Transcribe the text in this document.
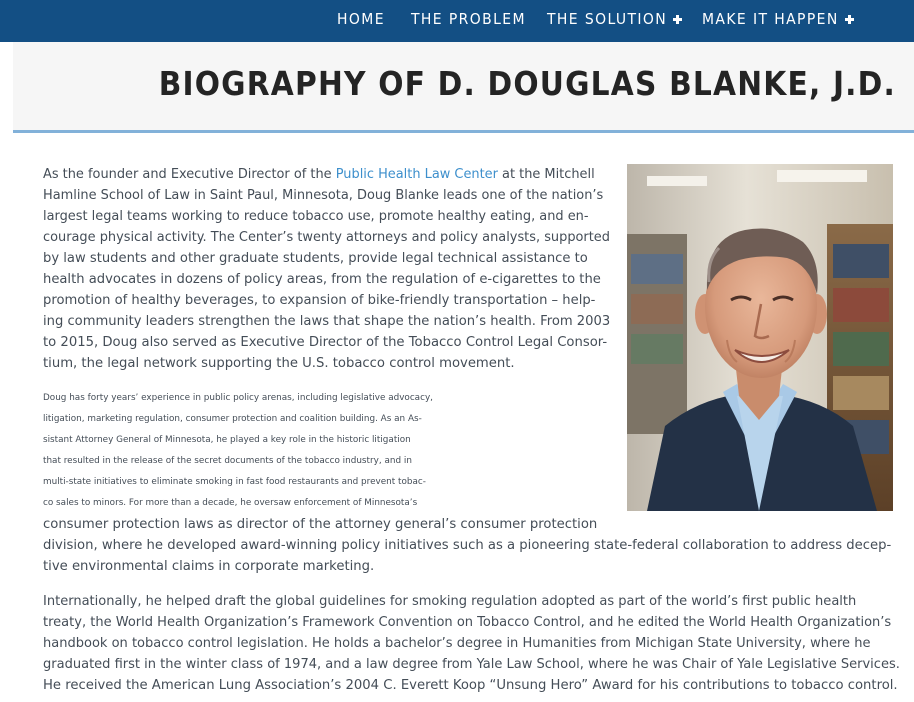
HOME THE PROBLEM THE SOLUTION	MAKE IT HAPPEN
BIOGRAPHY OF D. DOUGLAS BLANKE, J.D.
As the founder and Executive Director of the Public Health Law Center at the Mitchell
Hamline School of Law in Saint Paul, Minnesota, Doug Blanke leads one of the nation’s
largest legal teams working to reduce tobacco use, promote healthy eating, and en-
courage physical activity. The Center’s twenty attorneys and policy analysts, supported
by law students and other graduate students, provide legal technical assistance to
health advocates in dozens of policy areas, from the regulation of e-cigarettes to the
promotion of healthy beverages, to expansion of bike-friendly transportation – help-
ing community leaders strengthen the laws that shape the nation’s health. From 2003
to 2015, Doug also served as Executive Director of the Tobacco Control Legal Consor-
tium, the legal network supporting the U.S. tobacco control movement.
Doug has forty years’ experience in public policy arenas, including legislative advocacy,
litigation, marketing regulation, consumer protection and coalition building. As an As-
sistant Attorney General of Minnesota, he played a key role in the historic litigation
that resulted in the release of the secret documents of the tobacco industry, and in
multi-state initiatives to eliminate smoking in fast food restaurants and prevent tobac-
co sales to minors. For more than a decade, he oversaw enforcement of Minnesota’s
consumer protection laws as director of the attorney general’s consumer protection
division, where he developed award-winning policy initiatives such as a pioneering state-federal collaboration to address decep-
tive environmental claims in corporate marketing.
Internationally, he helped draft the global guidelines for smoking regulation adopted as part of the world’s first public health
treaty, the World Health Organization’s Framework Convention on Tobacco Control, and he edited the World Health Organization’s
handbook on tobacco control legislation. He holds a bachelor’s degree in Humanities from Michigan State University, where he
graduated first in the winter class of 1974, and a law degree from Yale Law School, where he was Chair of Yale Legislative Services.
He received the American Lung Association’s 2004 C. Everett Koop “Unsung Hero” Award for his contributions to tobacco control.
